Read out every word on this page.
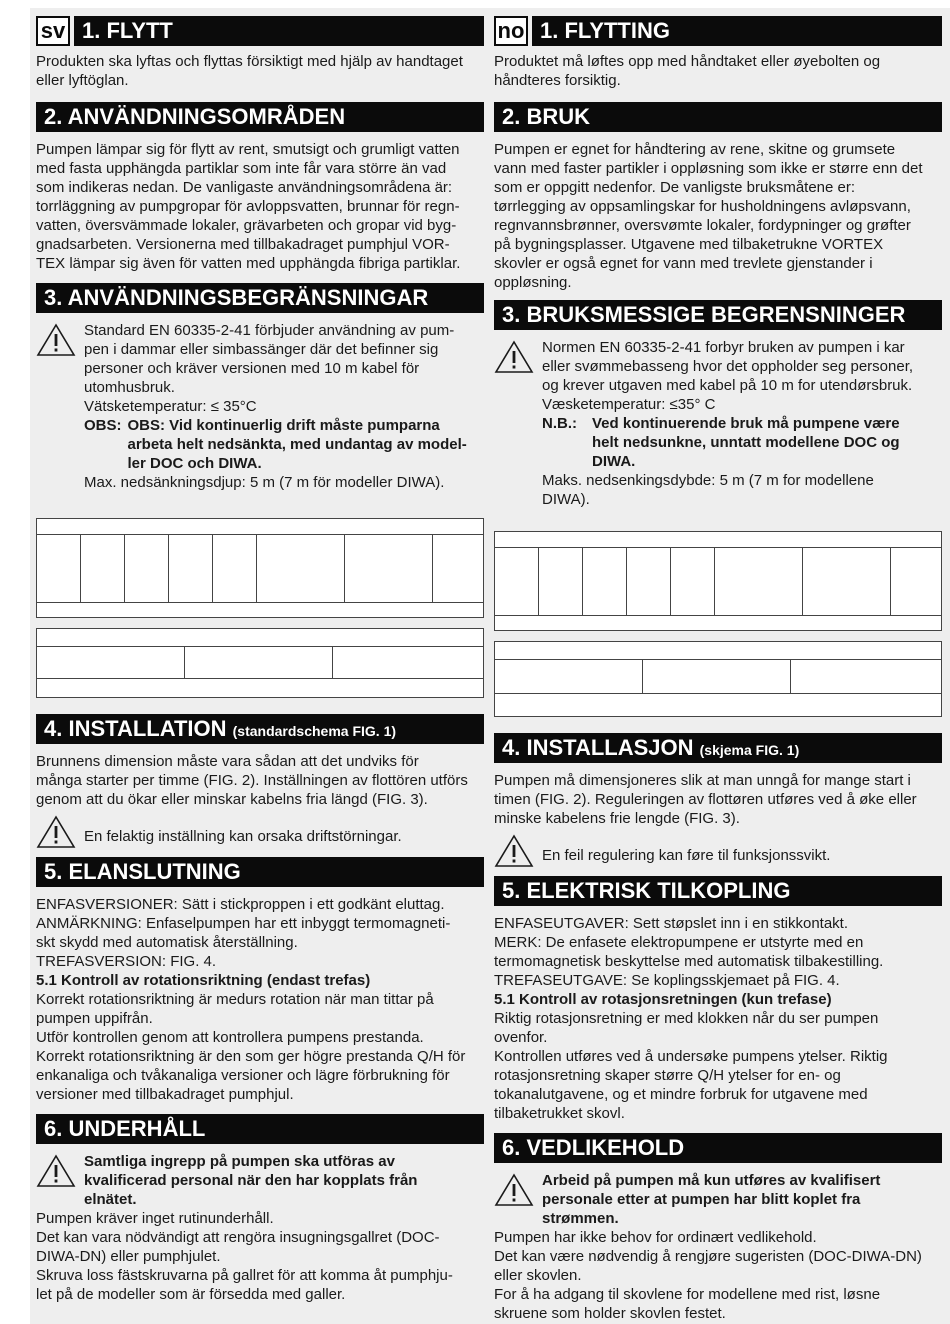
sv 1. FLYTT

Produkten ska lyftas och flyttas försiktigt med hjälp av handtaget

eller lyftöglan.

2. ANVÄNDNINGSOMRÅDEN

Pumpen lämpar sig för flytt av rent, smutsigt och grumligt vatten

med fasta upphängda partiklar som inte får vara större än vad

som indikeras nedan. De vanligaste användningsområdena är:

torrläggning av pumpgropar för avloppsvatten, brunnar för regn-

vatten, översvämmade lokaler, grävarbeten och gropar vid byg-

gnadsarbeten. Versionerna med tillbakadraget pumphjul VOR-

TEX lämpar sig även för vatten med upphängda fibriga partiklar.

3. ANVÄNDNINGSBEGRÄNSNINGAR

Standard EN 60335-2-41 förbjuder användning av pum-

pen i dammar eller simbassänger där det befinner sig

personer och kräver versionen med 10 m kabel för

utomhusbruk.

Vätsketemperatur: ≤ 35°C

OBS: OBS: Vid kontinuerlig drift måste pumparna

arbeta helt nedsänkta, med undantag av model-

ler DOC och DIWA.

Max. nedsänkningsdjup: 5 m (7 m för modeller DIWA).

4. INSTALLATION (standardschema FIG. 1)

Brunnens dimension måste vara sådan att det undviks för

många starter per timme (FIG. 2). Inställningen av flottören utförs

genom att du ökar eller minskar kabelns fria längd (FIG. 3).

En felaktig inställning kan orsaka driftstörningar.

5. ELANSLUTNING

ENFASVERSIONER: Sätt i stickproppen i ett godkänt eluttag.

ANMÄRKNING: Enfaselpumpen har ett inbyggt termomagneti-

skt skydd med automatisk återställning.

TREFASVERSION: FIG. 4.

5.1 Kontroll av rotationsriktning (endast trefas)

Korrekt rotationsriktning är medurs rotation när man tittar på

pumpen uppifrån.

Utför kontrollen genom att kontrollera pumpens prestanda.

Korrekt rotationsriktning är den som ger högre prestanda Q/H för

enkanaliga och tvåkanaliga versioner och lägre förbrukning för

versioner med tillbakadraget pumphjul.

6. UNDERHÅLL

Samtliga ingrepp på pumpen ska utföras av

kvalificerad personal när den har kopplats från

elnätet.

Pumpen kräver inget rutinunderhåll.

Det kan vara nödvändigt att rengöra insugningsgallret (DOC-

DIWA-DN) eller pumphjulet.

Skruva loss fästskruvarna på gallret för att komma åt pumphju-

let på de modeller som är försedda med galler.

no 1. FLYTTING

Produktet må løftes opp med håndtaket eller øyebolten og

håndteres forsiktig.

2. BRUK

Pumpen er egnet for håndtering av rene, skitne og grumsete

vann med faster partikler i oppløsning som ikke er større enn det

som er oppgitt nedenfor. De vanligste bruksmåtene er:

tørrlegging av oppsamlingskar for husholdningens avløpsvann,

regnvannsbrønner, oversvømte lokaler, fordypninger og grøfter

på bygningsplasser. Utgavene med tilbaketrukne VORTEX

skovler er også egnet for vann med trevlete gjenstander i

oppløsning.

3. BRUKSMESSIGE BEGRENSNINGER

Normen EN 60335-2-41 forbyr bruken av pumpen i kar

eller svømmebasseng hvor det oppholder seg personer,

og krever utgaven med kabel på 10 m for utendørsbruk.

Væsketemperatur: ≤35° C

N.B.:	Ved kontinuerende bruk må pumpene være

helt nedsunkne, unntatt modellene DOC og

DIWA.

Maks. nedsenkingsdybde: 5 m (7 m for modellene

DIWA).

4. INSTALLASJON (skjema FIG. 1)

Pumpen må dimensjoneres slik at man unngå for mange start i

timen (FIG. 2). Reguleringen av flottøren utføres ved å øke eller

minske kabelens frie lengde (FIG. 3).

En feil regulering kan føre til funksjonssvikt.

5. ELEKTRISK TILKOPLING

ENFASEUTGAVER: Sett støpslet inn i en stikkontakt.

MERK: De enfasete elektropumpene er utstyrte med en

termomagnetisk beskyttelse med automatisk tilbakestilling.

TREFASEUTGAVE: Se koplingsskjemaet på FIG. 4.

5.1 Kontroll av rotasjonsretningen (kun trefase)

Riktig rotasjonsretning er med klokken når du ser pumpen

ovenfor.

Kontrollen utføres ved å undersøke pumpens ytelser. Riktig

rotasjonsretning skaper større Q/H ytelser for en- og

tokanalutgavene, og et mindre forbruk for utgavene med

tilbaketrukket skovl.

6. VEDLIKEHOLD

Arbeid på pumpen må kun utføres av kvalifisert

personale etter at pumpen har blitt koplet fra

strømmen.

Pumpen har ikke behov for ordinært vedlikehold.

Det kan være nødvendig å rengjøre sugeristen (DOC-DIWA-DN)

eller skovlen.

For å ha adgang til skovlene for modellene med rist, løsne

skruene som holder skovlen festet.
